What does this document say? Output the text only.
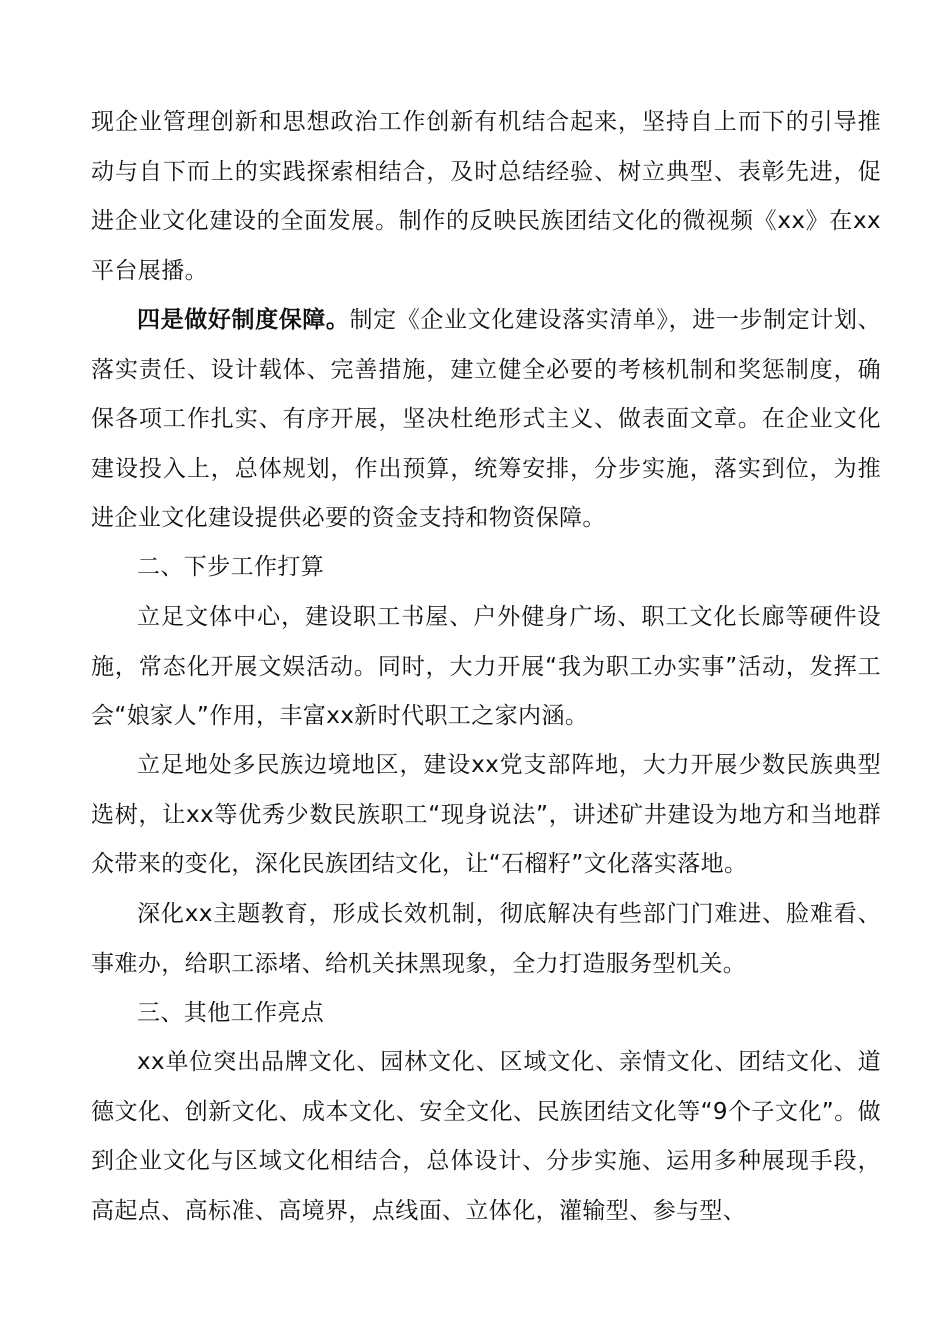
现企业管理创新和思想政治工作创新有机结合起来，坚持自上而下的引导推动与自下而上的实践探索相结合，及时总结经验、树立典型、表彰先进，促进企业文化建设的全面发展。制作的反映民族团结文化的微视频《xx》在xx平台展播。

四是做好制度保障。制定《企业文化建设落实清单》，进一步制定计划、落实责任、设计载体、完善措施，建立健全必要的考核机制和奖惩制度，确保各项工作扎实、有序开展，坚决杜绝形式主义、做表面文章。在企业文化建设投入上，总体规划，作出预算，统筹安排，分步实施，落实到位，为推进企业文化建设提供必要的资金支持和物资保障。

二、下步工作打算

立足文体中心，建设职工书屋、户外健身广场、职工文化长廊等硬件设施，常态化开展文娱活动。同时，大力开展“我为职工办实事”活动，发挥工会“娘家人”作用，丰富xx新时代职工之家内涵。

立足地处多民族边境地区，建设xx党支部阵地，大力开展少数民族典型选树，让xx等优秀少数民族职工“现身说法”，讲述矿井建设为地方和当地群众带来的变化，深化民族团结文化，让“石榴籽”文化落实落地。

深化xx主题教育，形成长效机制，彻底解决有些部门门难进、脸难看、事难办，给职工添堵、给机关抹黑现象，全力打造服务型机关。

三、其他工作亮点

xx单位突出品牌文化、园林文化、区域文化、亲情文化、团结文化、道德文化、创新文化、成本文化、安全文化、民族团结文化等“9个子文化”。做到企业文化与区域文化相结合，总体设计、分步实施、运用多种展现手段，高起点、高标准、高境界，点线面、立体化，灌输型、参与型、
